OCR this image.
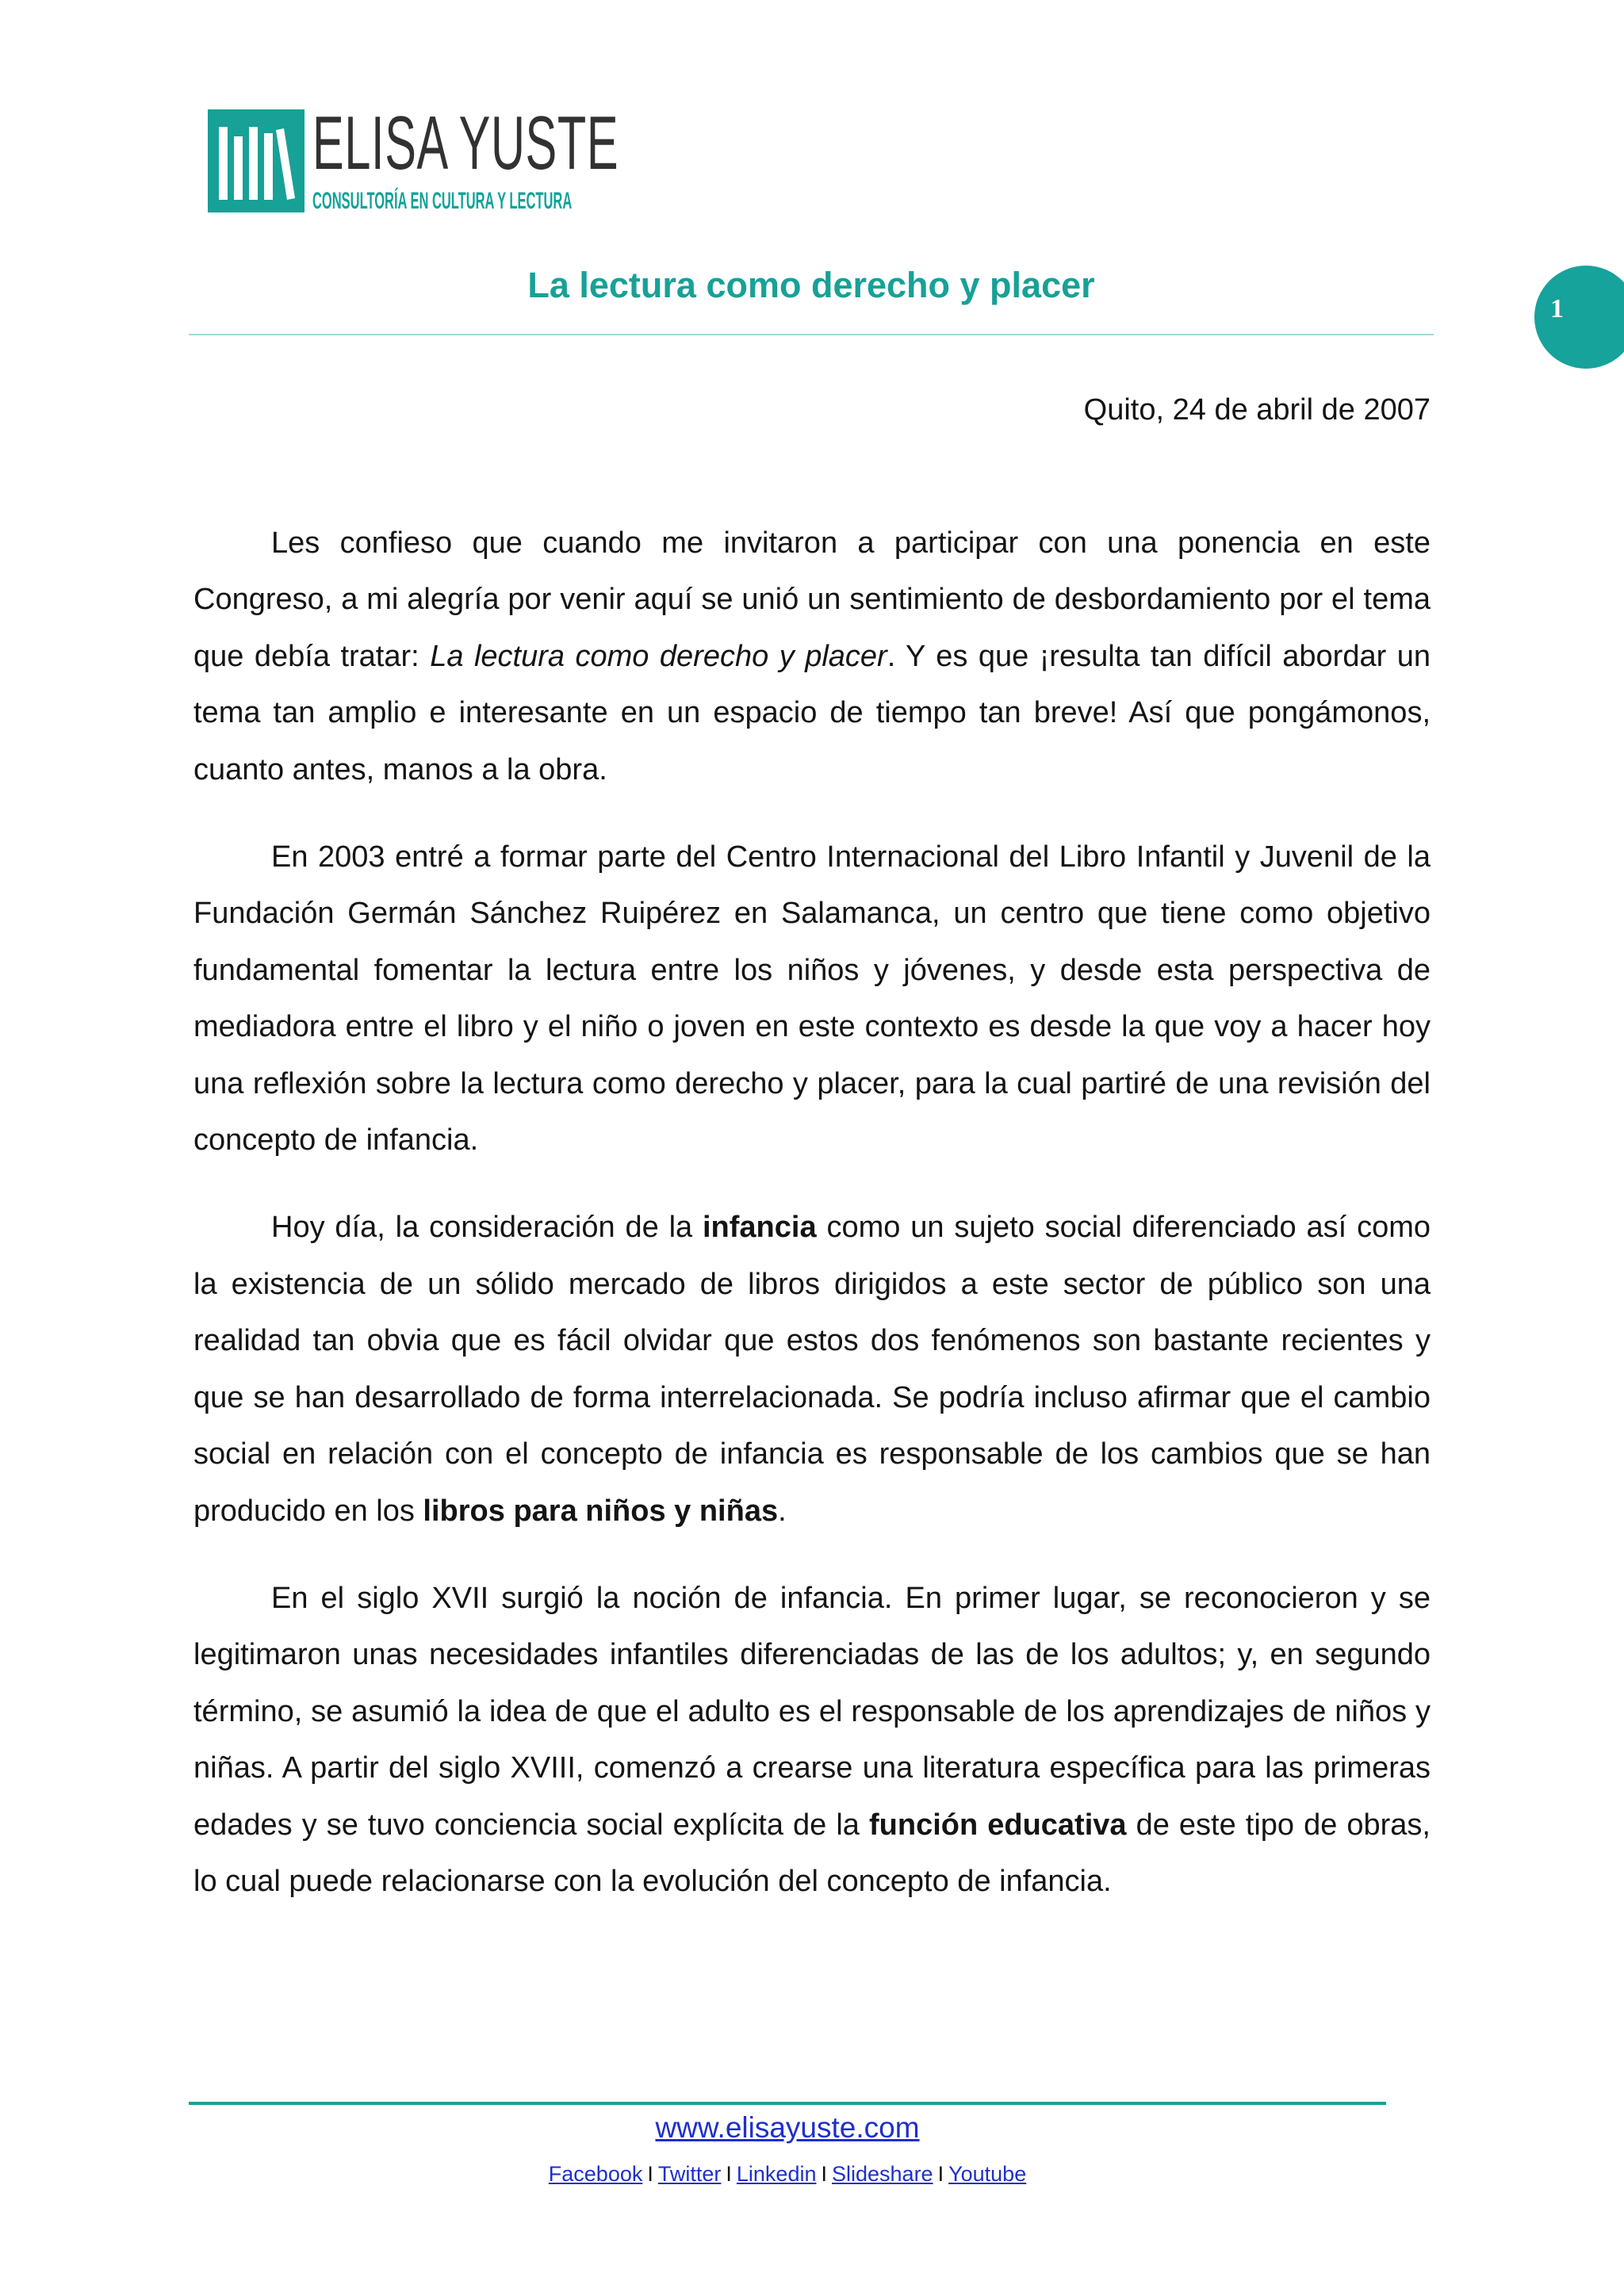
ELISA YUSTE
CONSULTORÍA EN CULTURA Y LECTURA
La lectura como derecho y placer
1
Quito, 24 de abril de 2007

Les confieso que cuando me invitaron a participar con una ponencia en este Congreso, a mi alegría por venir aquí se unió un sentimiento de desbordamiento por el tema que debía tratar: La lectura como derecho y placer. Y es que ¡resulta tan difícil abordar un tema tan amplio e interesante en un espacio de tiempo tan breve! Así que pongámonos, cuanto antes, manos a la obra.

En 2003 entré a formar parte del Centro Internacional del Libro Infantil y Juvenil de la Fundación Germán Sánchez Ruipérez en Salamanca, un centro que tiene como objetivo fundamental fomentar la lectura entre los niños y jóvenes, y desde esta perspectiva de mediadora entre el libro y el niño o joven en este contexto es desde la que voy a hacer hoy una reflexión sobre la lectura como derecho y placer, para la cual partiré de una revisión del concepto de infancia.

Hoy día, la consideración de la infancia como un sujeto social diferenciado así como la existencia de un sólido mercado de libros dirigidos a este sector de público son una realidad tan obvia que es fácil olvidar que estos dos fenómenos son bastante recientes y que se han desarrollado de forma interrelacionada. Se podría incluso afirmar que el cambio social en relación con el concepto de infancia es responsable de los cambios que se han producido en los libros para niños y niñas.

En el siglo XVII surgió la noción de infancia. En primer lugar, se reconocieron y se legitimaron unas necesidades infantiles diferenciadas de las de los adultos; y, en segundo término, se asumió la idea de que el adulto es el responsable de los aprendizajes de niños y niñas. A partir del siglo XVIII, comenzó a crearse una literatura específica para las primeras edades y se tuvo conciencia social explícita de la función educativa de este tipo de obras, lo cual puede relacionarse con la evolución del concepto de infancia.

www.elisayuste.com
Facebook I Twitter I Linkedin I Slideshare I Youtube
